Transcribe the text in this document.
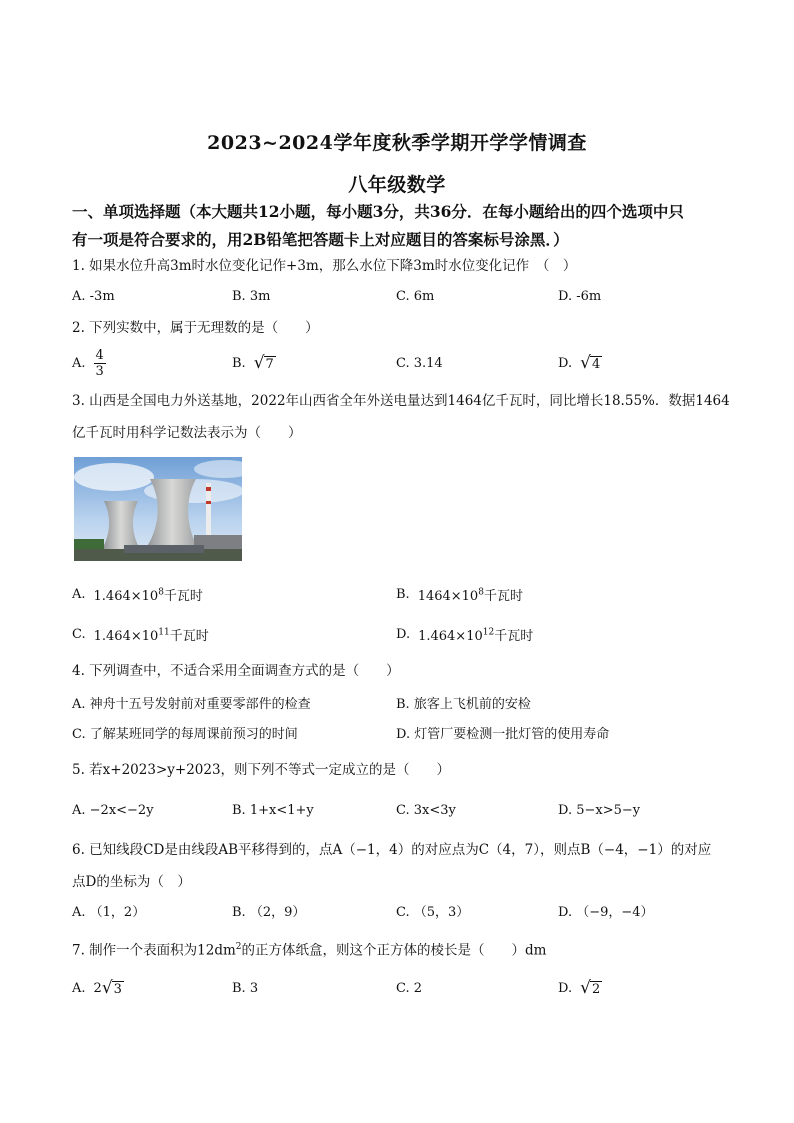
2023~2024学年度秋季学期开学学情调查
八年级数学
一、单项选择题（本大题共12小题，每小题3分，共36分．在每小题给出的四个选项中只
有一项是符合要求的，用2B铅笔把答题卡上对应题目的答案标号涂黑．）
1. 如果水位升高3m时水位变化记作+3m，那么水位下降3m时水位变化记作　（　）
A. -3m	B. 3m	C. 6m	D. -6m
2. 下列实数中，属于无理数的是（　　）
A. $\frac{4}{3}$	B. √ 7	C. 3.14	D. √ 4
3. 山西是全国电力外送基地，2022年山西省全年外送电量达到1464亿千瓦时，同比增长18.55%．数据1464
亿千瓦时用科学记数法表示为（　　）
A. $1.464\times 10^8$千瓦时	B. $1464\times 10^8$千瓦时
C. $1.464\times 10^{11}$千瓦时	D. $1.464\times 10^{12}$千瓦时
4. 下列调查中，不适合采用全面调查方式的是（　　）
A. 神舟十五号发射前对重要零部件的检查	B. 旅客上飞机前的安检
C. 了解某班同学的每周课前预习的时间	D. 灯管厂要检测一批灯管的使用寿命
5. 若x+2023>y+2023，则下列不等式一定成立的是（　　）
A. −2x<−2y	B. 1+x<1+y	C. 3x<3y	D. 5−x>5−y
6. 已知线段CD是由线段AB平移得到的，点A（−1，4）的对应点为C（4，7），则点B（−4，−1）的对应
点D的坐标为（　）
A. （1，2）	B. （2，9）	C. （5，3）	D. （−9，−4）
7. 制作一个表面积为$12dm^2$的正方体纸盒，则这个正方体的棱长是（　　）dm
A. 2 √ 3	B. 3	C. 2	D. √ 2
